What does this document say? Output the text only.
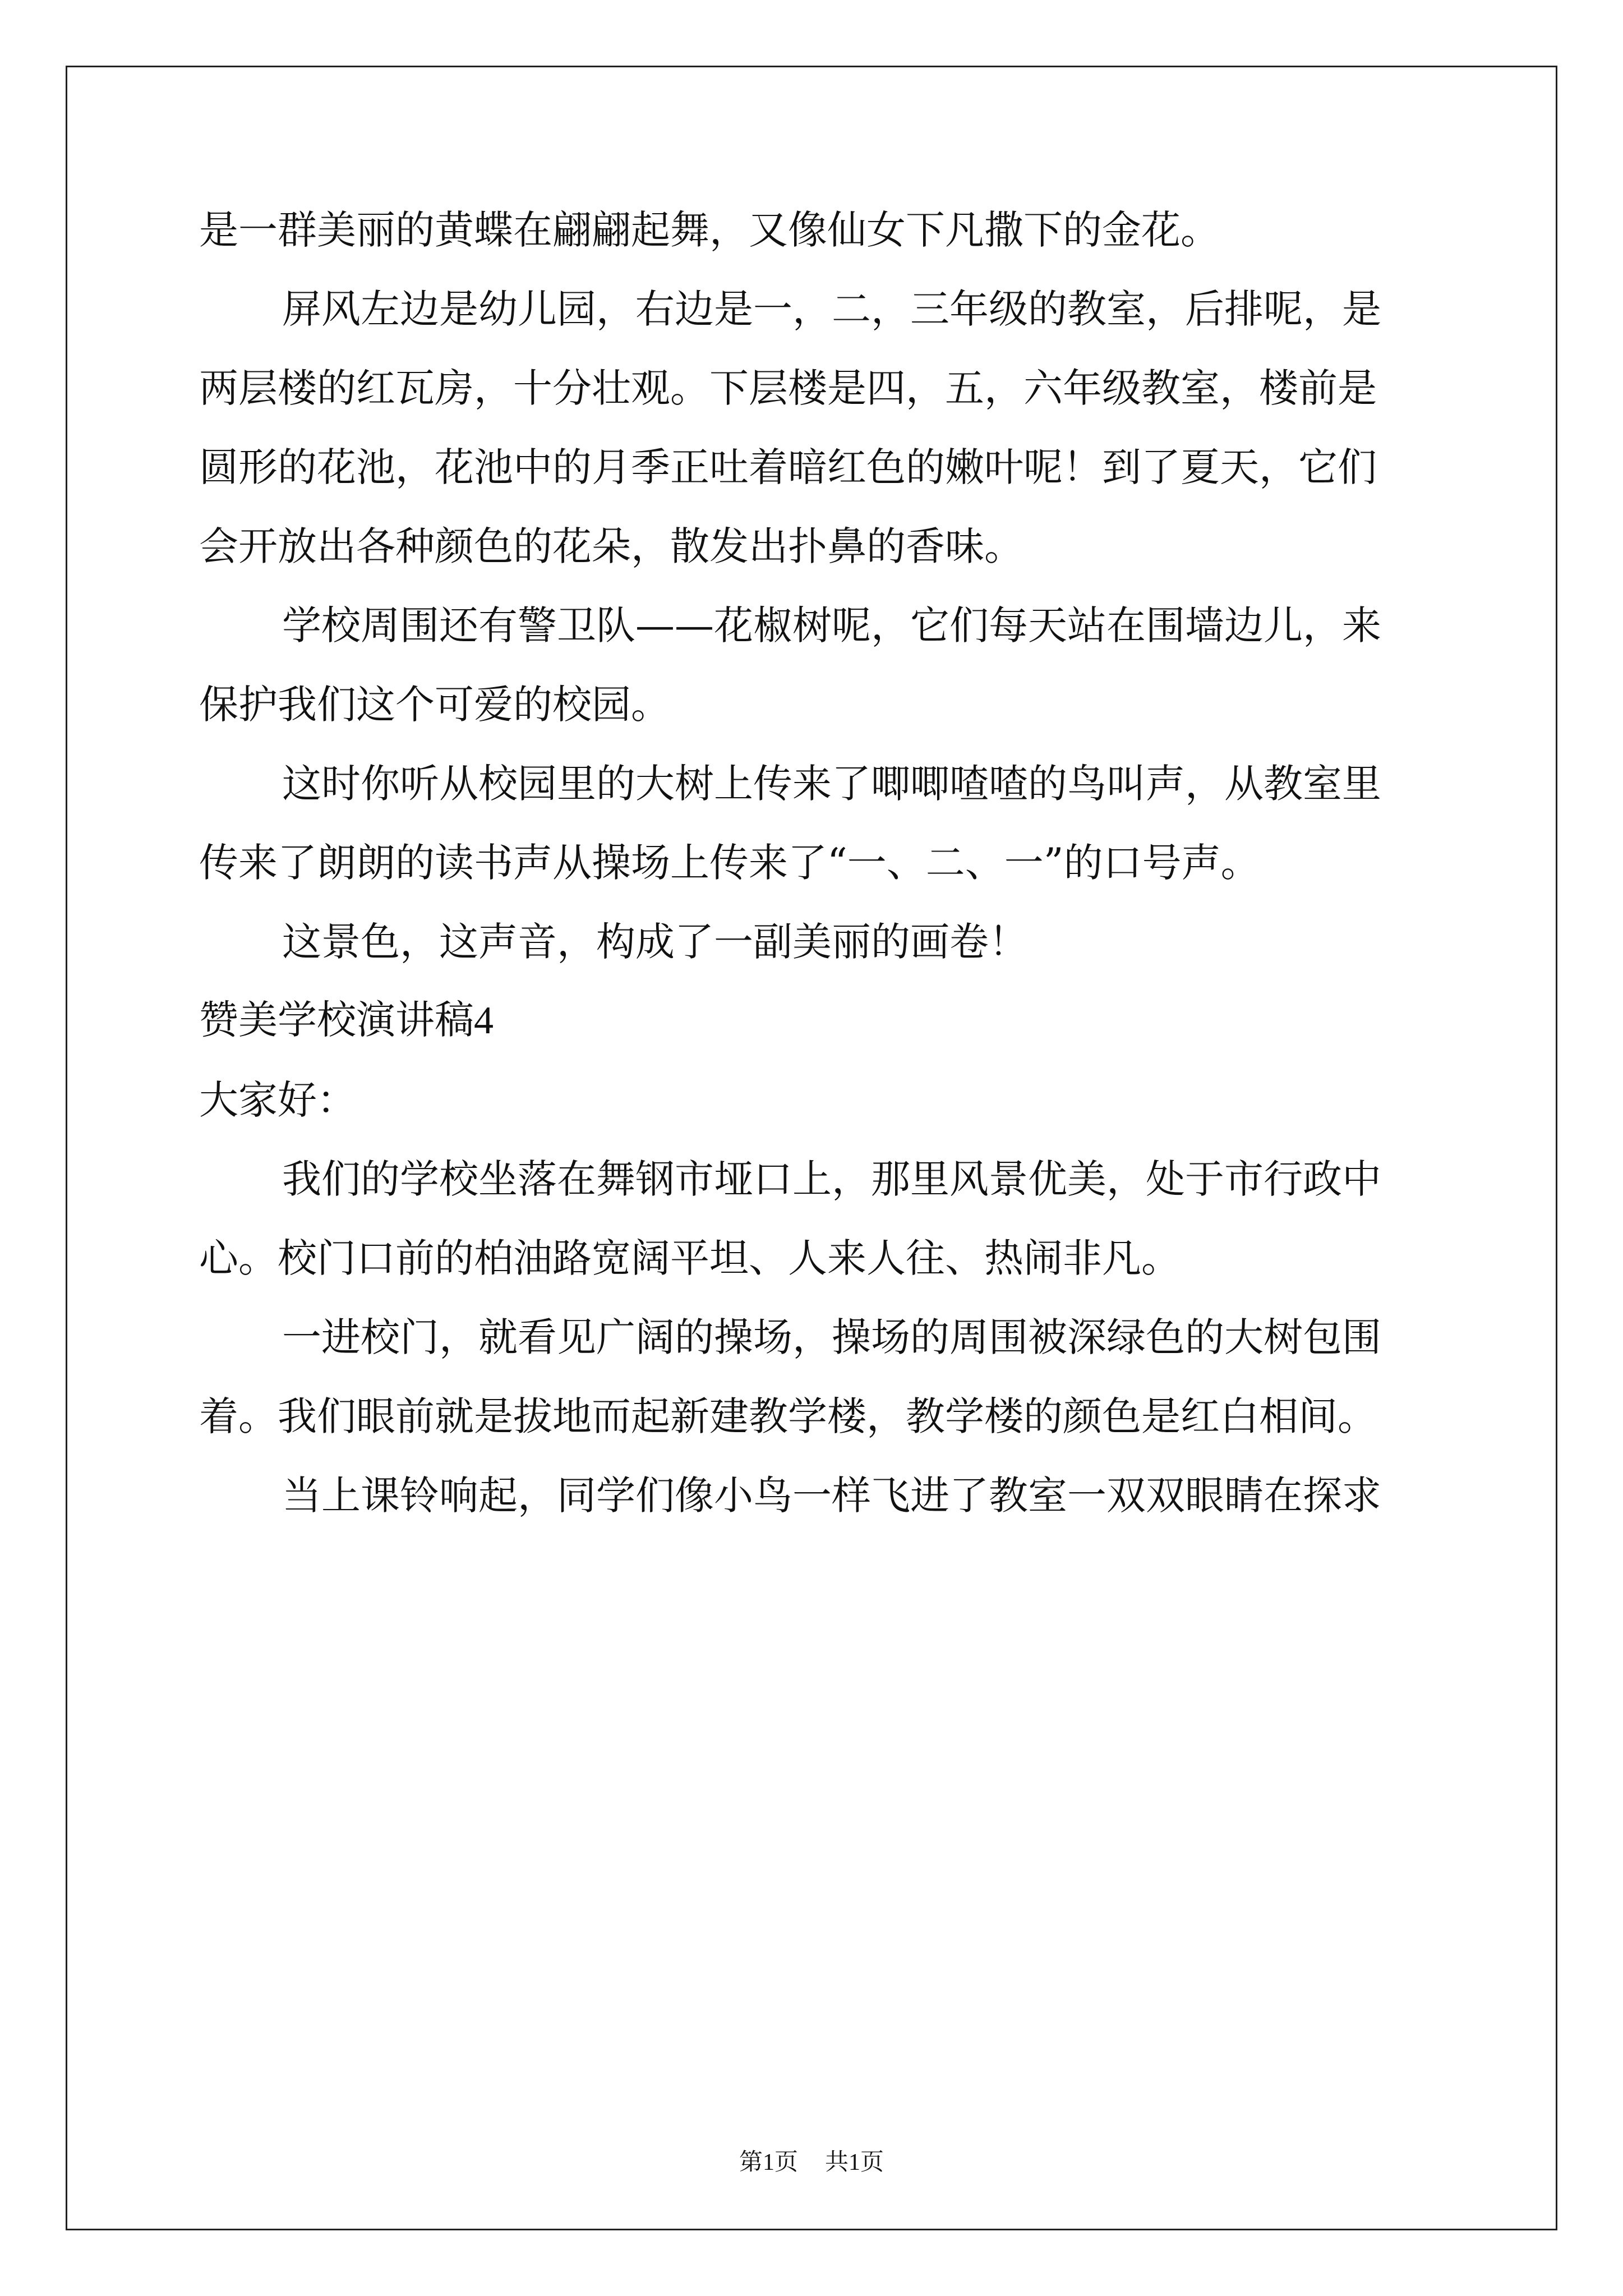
是一群美丽的黄蝶在翩翩起舞，又像仙女下凡撒下的金花。
屏风左边是幼儿园，右边是一，二，三年级的教室，后排呢，是
两层楼的红瓦房，十分壮观。下层楼是四，五，六年级教室，楼前是
圆形的花池，花池中的月季正吐着暗红色的嫩叶呢！到了夏天，它们
会开放出各种颜色的花朵，散发出扑鼻的香味。
学校周围还有警卫队——花椒树呢，它们每天站在围墙边儿，来
保护我们这个可爱的校园。
这时你听从校园里的大树上传来了唧唧喳喳的鸟叫声，从教室里
传来了朗朗的读书声从操场上传来了“一、二、一”的口号声。
这景色，这声音，构成了一副美丽的画卷！
赞美学校演讲稿4
大家好：
我们的学校坐落在舞钢市垭口上，那里风景优美，处于市行政中
心。校门口前的柏油路宽阔平坦、人来人往、热闹非凡。
一进校门，就看见广阔的操场，操场的周围被深绿色的大树包围
着。我们眼前就是拔地而起新建教学楼，教学楼的颜色是红白相间。
当上课铃响起，同学们像小鸟一样飞进了教室一双双眼睛在探求
第1页 共1页
